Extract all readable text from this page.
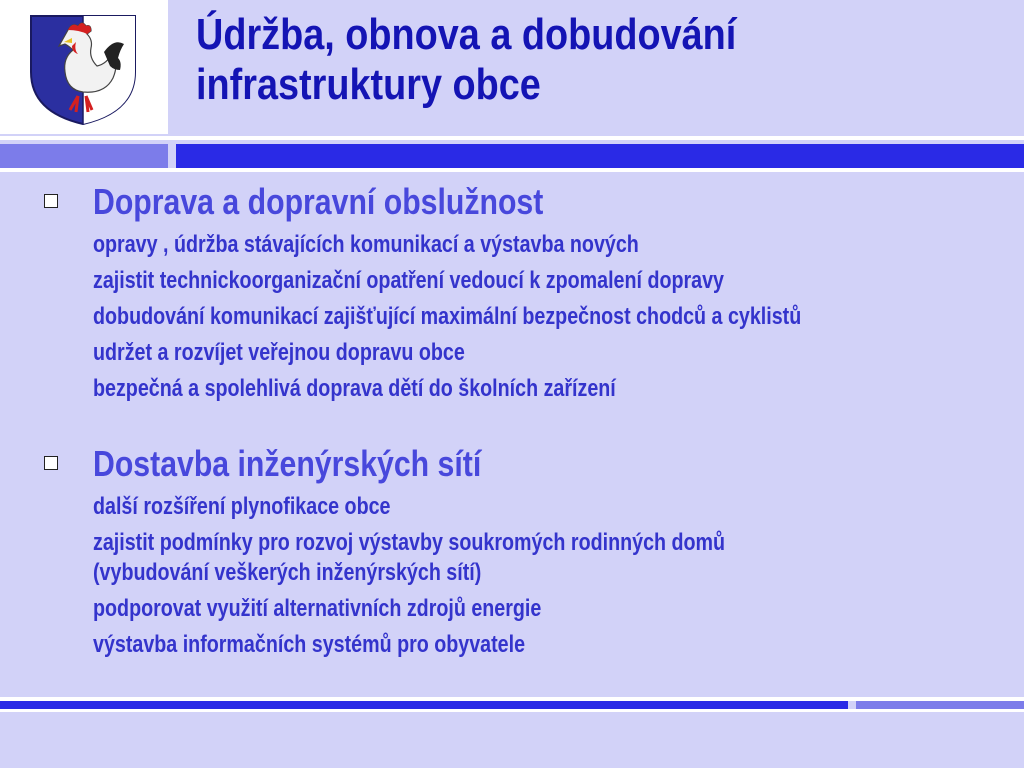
Údržba, obnova a dobudování
infrastruktury obce
Doprava a dopravní obslužnost
opravy , údržba stávajících komunikací a výstavba nových
zajistit technickoorganizační opatření vedoucí k zpomalení dopravy
dobudování komunikací zajišťující maximální bezpečnost chodců a cyklistů
udržet a rozvíjet veřejnou dopravu obce
bezpečná a spolehlivá doprava dětí do školních zařízení
Dostavba inženýrských sítí
další rozšíření plynofikace obce
zajistit podmínky pro rozvoj výstavby soukromých rodinných domů
(vybudování veškerých inženýrských sítí)
podporovat využití alternativních zdrojů energie
výstavba informačních systémů pro obyvatele
